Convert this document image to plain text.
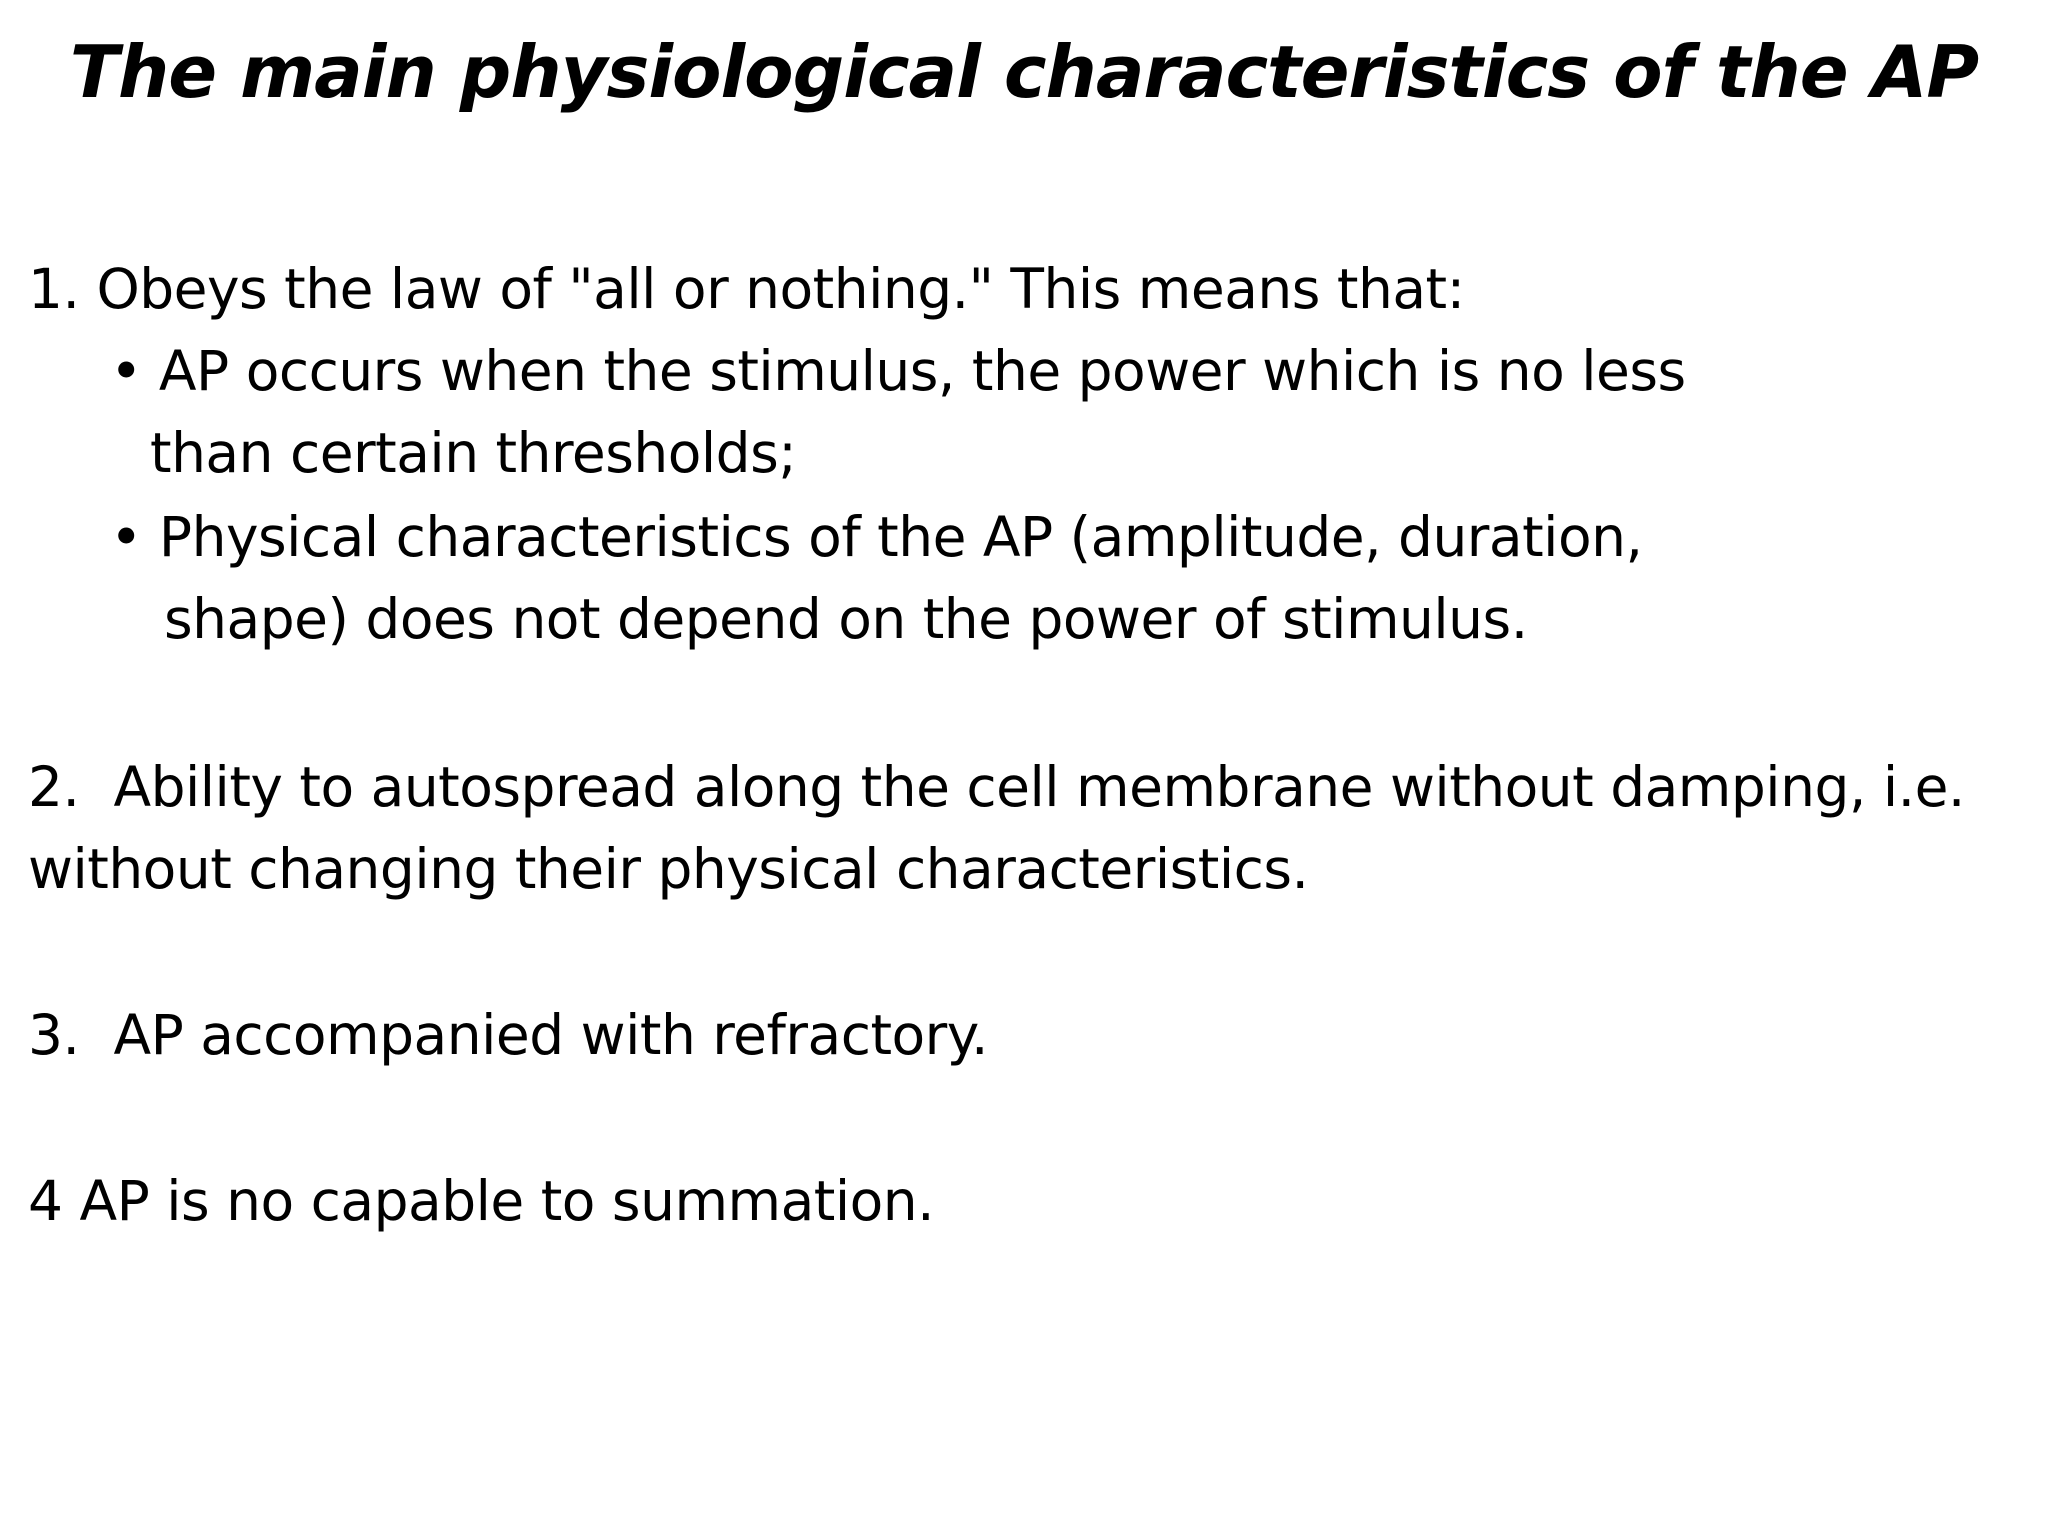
The main physiological characteristics of the AP
1. Obeys the law of "all or nothing." This means that:
• AP occurs when the stimulus, the power which is no less
than certain thresholds;
• Physical characteristics of the AP (amplitude, duration,
shape) does not depend on the power of stimulus.
2.  Ability to autospread along the cell membrane without damping, i.e.
without changing their physical characteristics.
3.  AP accompanied with refractory.
4 AP is no capable to summation.
